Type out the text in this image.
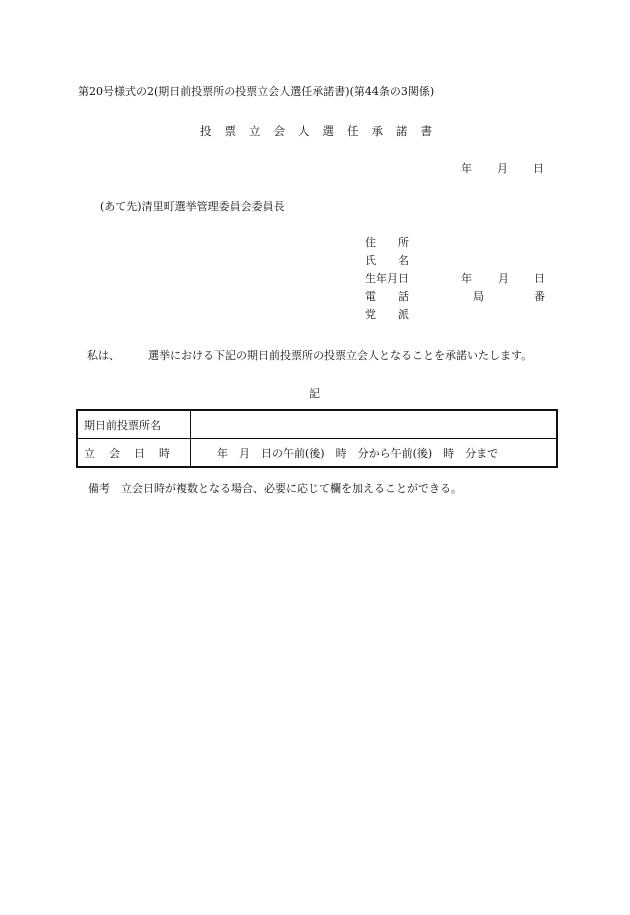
第20号様式の2(期日前投票所の投票立会人選任承諾書)(第44条の3関係)
投票立会人選任承諾書
年 月 日
(あて先)清里町選挙管理委員会委員長
住所
氏名
生年月日	年 月 日
電話	局	番
党派
私は、	選挙における下記の期日前投票所の投票立会人となることを承諾いたします。
記
期日前投票所名	
立会日時	年　月　日の午前(後)　時　分から午前(後)　時　分まで
備考　立会日時が複数となる場合、必要に応じて欄を加えることができる。
